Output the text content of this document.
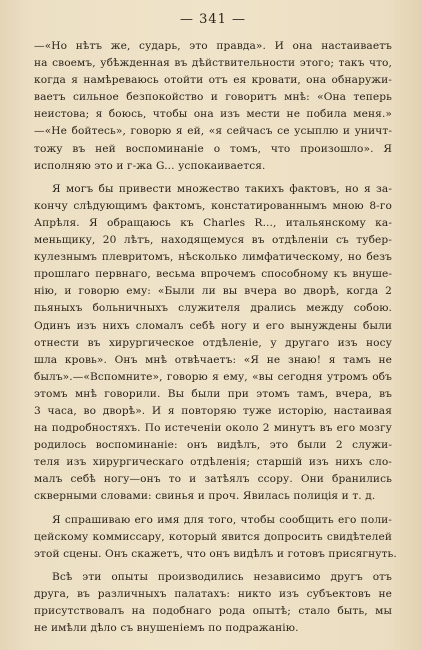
— 341 —
—«Но нѣтъ же, сударь, это правда». И она настаиваетъ
на своемъ, убѣжденная въ дѣйствительности этого; такъ что,
когда я намѣреваюсь отойти отъ ея кровати, она обнаружи-
ваетъ сильное безпокойство и говоритъ мнѣ: «Она теперь
неистова; я боюсь, чтобы она изъ мести не побила меня.»
—«Не бойтесь», говорю я ей, «я сейчасъ се усыплю и уничт-
тожу въ ней воспоминаніе о томъ, что произошло». Я
исполняю это и г-жа G... успокаивается.
Я могъ бы привести множество такихъ фактовъ, но я за-
кончу слѣдующимъ фактомъ, констатированнымъ мною 8-го
Апрѣля. Я обращаюсь къ Charles R..., итальянскому ка-
меньщику, 20 лѣтъ, находящемуся въ отдѣленіи съ тубер-
кулезнымъ плевритомъ, нѣсколько лимфатическому, но безъ
прошлаго первнаго, весьма впрочемъ способному къ внуше-
нію, и говорю ему: «Были ли вы вчера во дворѣ, когда 2
пьяныхъ больничныхъ служителя дрались между собою.
Одинъ изъ нихъ сломалъ себѣ ногу и его вынуждены были
отнести въ хирургическое отдѣленіе, у другаго изъ носу
шла кровь». Онъ мнѣ отвѣчаетъ: «Я не знаю! я тамъ не
былъ».—«Вспомните», говорю я ему, «вы сегодня утромъ объ
этомъ мнѣ говорили. Вы были при этомъ тамъ, вчера, въ
3 часа, во дворѣ». И я повторяю туже исторію, настаивая
на подробностяхъ. По истеченіи около 2 минутъ въ его мозгу
родилось воспоминаніе: онъ видѣлъ, это были 2 служи-
теля изъ хирургическаго отдѣленія; старшій изъ нихъ сло-
малъ себѣ ногу—онъ то и затѣялъ ссору. Они бранились
скверными словами: свинья и проч. Явилась полиція и т. д.
Я спрашиваю его имя для того, чтобы сообщить его поли-
цейскому коммиссару, который явится допросить свидѣтелей
этой сцены. Онъ скажетъ, что онъ видѣлъ и готовъ присягнуть.
Всѣ эти опыты производились независимо другъ отъ
друга, въ различныхъ палатахъ: никто изъ субъектовъ не
присутствовалъ на подобнаго рода опытѣ; стало быть, мы
не имѣли дѣло съ внушеніемъ по подражанію.
